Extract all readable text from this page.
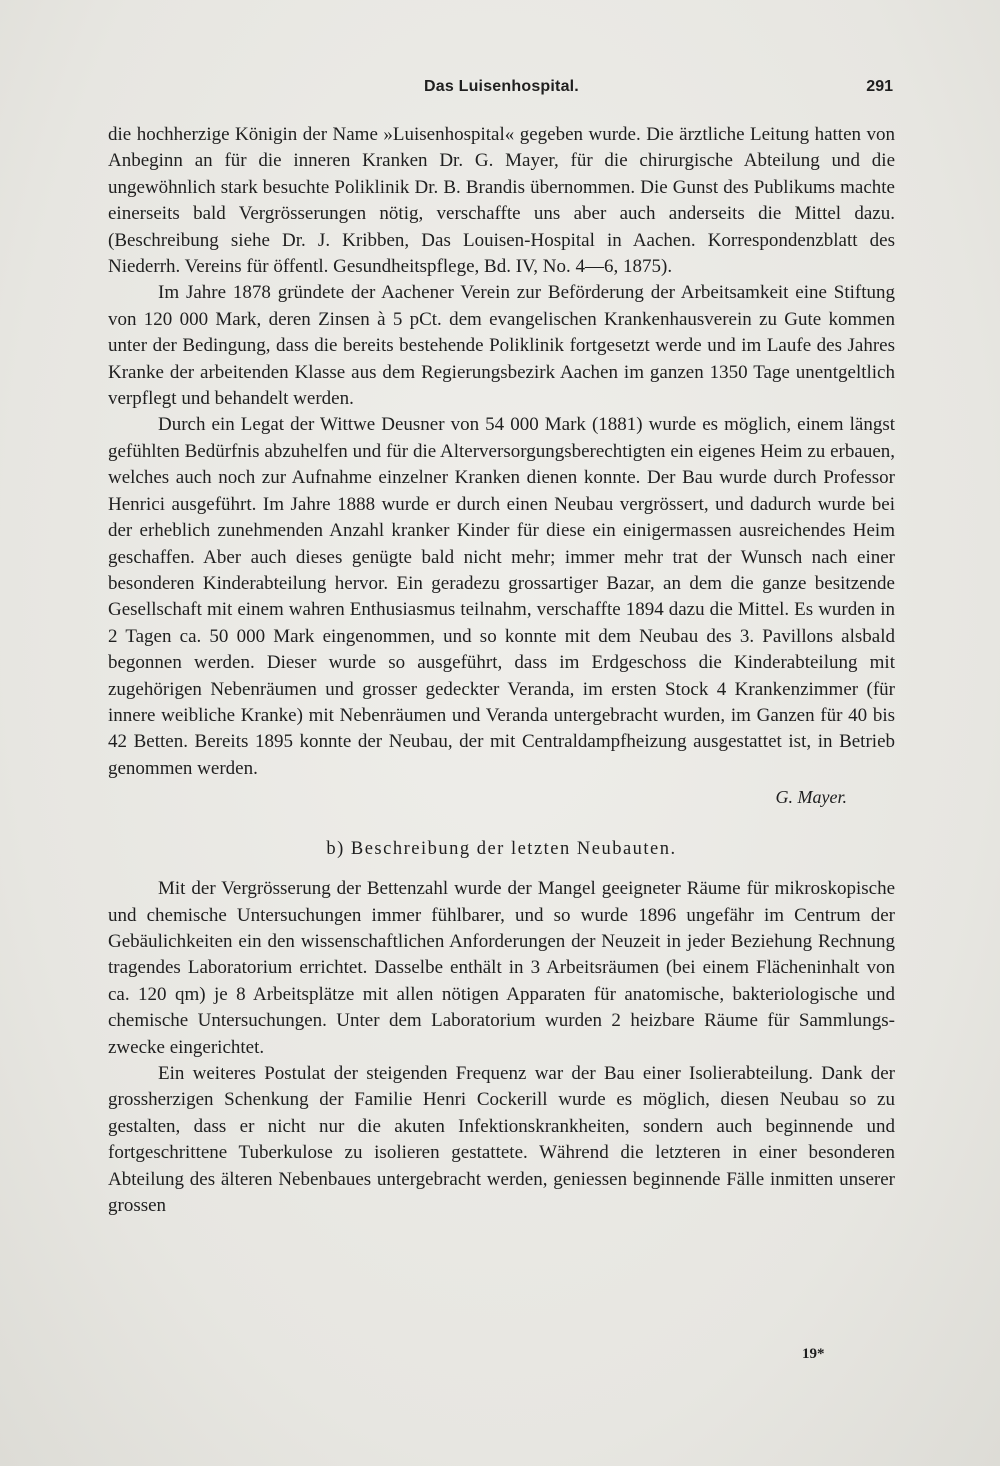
Das Luisenhospital.	291

die hochherzige Königin der Name »Luisenhospital« gegeben wurde. Die ärztliche Leitung hatten von Anbeginn an für die inneren Kranken Dr. G. Mayer, für die chirurgische Abteilung und die ungewöhnlich stark besuchte Poliklinik Dr. B. Brandis übernommen. Die Gunst des Publikums machte einerseits bald Vergrösserungen nötig, verschaffte uns aber auch anderseits die Mittel dazu. (Beschreibung siehe Dr. J. Kribben, Das Louisen-Hospital in Aachen. Korrespondenzblatt des Niederrh. Vereins für öffentl. Gesundheitspflege, Bd. IV, No. 4—6, 1875).

Im Jahre 1878 gründete der Aachener Verein zur Beförderung der Arbeitsamkeit eine Stiftung von 120 000 Mark, deren Zinsen à 5 pCt. dem evangelischen Krankenhausverein zu Gute kommen unter der Bedingung, dass die bereits bestehende Poliklinik fortgesetzt werde und im Laufe des Jahres Kranke der arbeitenden Klasse aus dem Regierungsbezirk Aachen im ganzen 1350 Tage unentgeltlich verpflegt und behandelt werden.

Durch ein Legat der Wittwe Deusner von 54 000 Mark (1881) wurde es möglich, einem längst gefühlten Bedürfnis abzuhelfen und für die Alterversorgungsberechtigten ein eigenes Heim zu erbauen, welches auch noch zur Aufnahme einzelner Kranken dienen konnte. Der Bau wurde durch Professor Henrici ausgeführt. Im Jahre 1888 wurde er durch einen Neubau vergrössert, und dadurch wurde bei der erheblich zunehmenden Anzahl kranker Kinder für diese ein einigermassen ausreichendes Heim geschaffen. Aber auch dieses genügte bald nicht mehr; immer mehr trat der Wunsch nach einer besonderen Kinderabteilung hervor. Ein geradezu grossartiger Bazar, an dem die ganze besitzende Gesellschaft mit einem wahren Enthusiasmus teilnahm, verschaffte 1894 dazu die Mittel. Es wurden in 2 Tagen ca. 50 000 Mark eingenommen, und so konnte mit dem Neubau des 3. Pavillons alsbald begonnen werden. Dieser wurde so ausgeführt, dass im Erdgeschoss die Kinderabteilung mit zugehörigen Nebenräumen und grosser gedeckter Veranda, im ersten Stock 4 Krankenzimmer (für innere weibliche Kranke) mit Nebenräumen und Veranda untergebracht wurden, im Ganzen für 40 bis 42 Betten. Bereits 1895 konnte der Neubau, der mit Centraldampfheizung ausgestattet ist, in Betrieb genommen werden.

G. Mayer.
b) Beschreibung der letzten Neubauten.

Mit der Vergrösserung der Bettenzahl wurde der Mangel geeigneter Räume für mikroskopische und chemische Untersuchungen immer fühlbarer, und so wurde 1896 ungefähr im Centrum der Gebäulichkeiten ein den wissenschaftlichen Anforderungen der Neuzeit in jeder Beziehung Rechnung tragendes Laboratorium errichtet. Dasselbe enthält in 3 Arbeitsräumen (bei einem Flächeninhalt von ca. 120 qm) je 8 Arbeitsplätze mit allen nötigen Apparaten für anatomische, bakteriologische und chemische Untersuchungen. Unter dem Laboratorium wurden 2 heizbare Räume für Sammlungszwecke eingerichtet.

Ein weiteres Postulat der steigenden Frequenz war der Bau einer Isolierabteilung. Dank der grossherzigen Schenkung der Familie Henri Cockerill wurde es möglich, diesen Neubau so zu gestalten, dass er nicht nur die akuten Infektionskrankheiten, sondern auch beginnende und fortgeschrittene Tuberkulose zu isolieren gestattete. Während die letzteren in einer besonderen Abteilung des älteren Nebenbaues untergebracht werden, geniessen beginnende Fälle inmitten unserer grossen

19*
